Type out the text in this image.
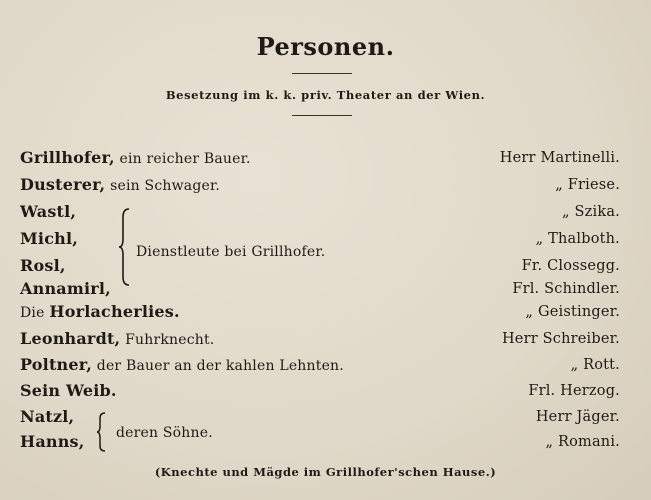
Personen.
Besetzung im k. k. priv. Theater an der Wien.
Grillhofer, ein reicher Bauer.	Herr Martinelli.
Dusterer, sein Schwager.	„ Friese.
Wastl,	„ Szika.
Michl,	„ Thalboth.
Rosl,	Fr. Clossegg.
Annamirl,	Frl. Schindler.
Dienstleute bei Grillhofer.
Die Horlacherlies.	„ Geistinger.
Leonhardt, Fuhrknecht.	Herr Schreiber.
Poltner, der Bauer an der kahlen Lehnten.	„ Rott.
Sein Weib.	Frl. Herzog.
Natzl,	Herr Jäger.
Hanns,	„ Romani.
deren Söhne.
(Knechte und Mägde im Grillhofer'schen Hause.)
